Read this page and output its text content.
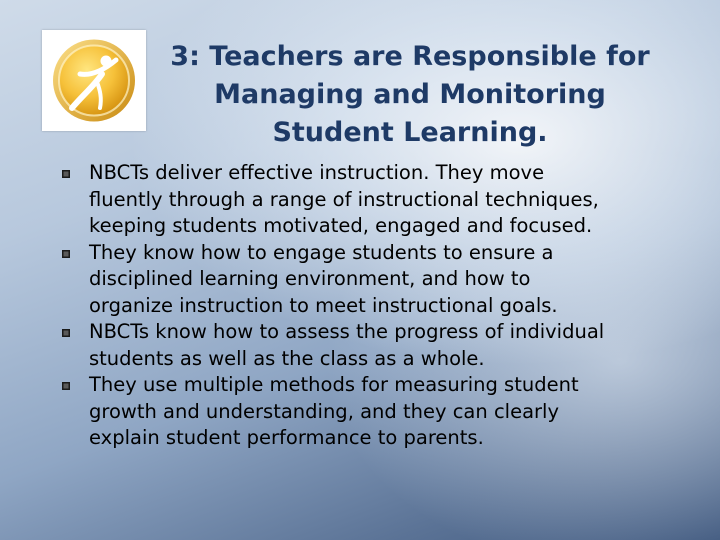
3: Teachers are Responsible for
Managing and Monitoring
Student Learning.
NBCTs deliver effective instruction. They move
fluently through a range of instructional techniques,
keeping students motivated, engaged and focused.
They know how to engage students to ensure a
disciplined learning environment, and how to
organize instruction to meet instructional goals.
NBCTs know how to assess the progress of individual
students as well as the class as a whole.
They use multiple methods for measuring student
growth and understanding, and they can clearly
explain student performance to parents.
